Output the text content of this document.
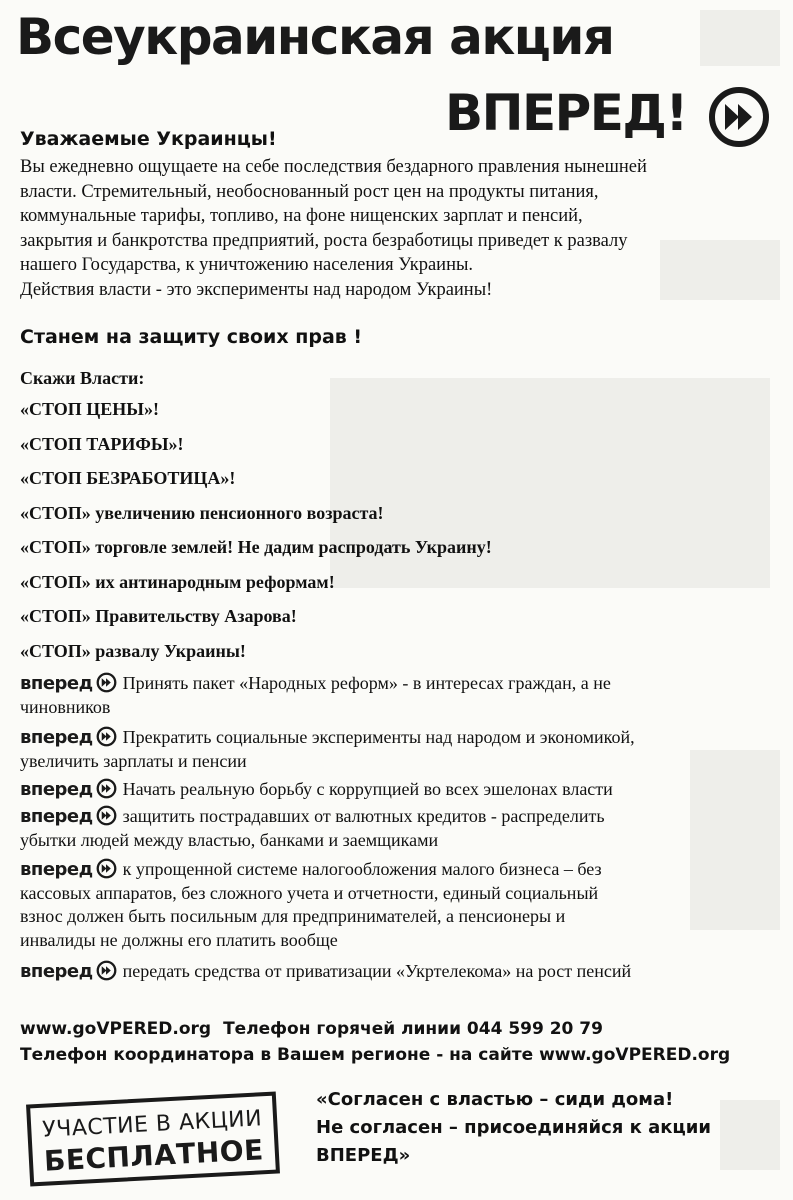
Всеукраинская акция
ВПЕРЕД!
Уважаемые Украинцы!
Вы ежедневно ощущаете на себе последствия бездарного правления нынешней
власти. Стремительный, необоснованный рост цен на продукты питания,
коммунальные тарифы, топливо, на фоне нищенских зарплат и пенсий,
закрытия и банкротства предприятий, роста безработицы приведет к развалу
нашего Государства, к уничтожению населения Украины.
Действия власти - это эксперименты над народом Украины!
Станем на защиту своих прав !
Скажи Власти:
«СТОП ЦЕНЫ»!
«СТОП ТАРИФЫ»!
«СТОП БЕЗРАБОТИЦА»!
«СТОП» увеличению пенсионного возраста!
«СТОП» торговле землей! Не дадим распродать Украину!
«СТОП» их антинародным реформам!
«СТОП» Правительству Азарова!
«СТОП» развалу Украины!
вперед Принять пакет «Народных реформ» - в интересах граждан, а не
чиновников
вперед Прекратить социальные эксперименты над народом и экономикой,
увеличить зарплаты и пенсии
вперед Начать реальную борьбу с коррупцией во всех эшелонах власти
вперед защитить пострадавших от валютных кредитов - распределить
убытки людей между властью, банками и заемщиками
вперед к упрощенной системе налогообложения малого бизнеса – без
кассовых аппаратов, без сложного учета и отчетности, единый социальный
взнос должен быть посильным для предпринимателей, а пенсионеры и
инвалиды не должны его платить вообще
вперед передать средства от приватизации «Укртелекома» на рост пенсий
www.goVPERED.org Телефон горячей линии 044 599 20 79
Телефон координатора в Вашем регионе - на сайте www.goVPERED.org
УЧАСТИЕ В АКЦИИ
БЕСПЛАТНОЕ
«Согласен с властью – сиди дома!
Не согласен – присоединяйся к акции
ВПЕРЕД»
